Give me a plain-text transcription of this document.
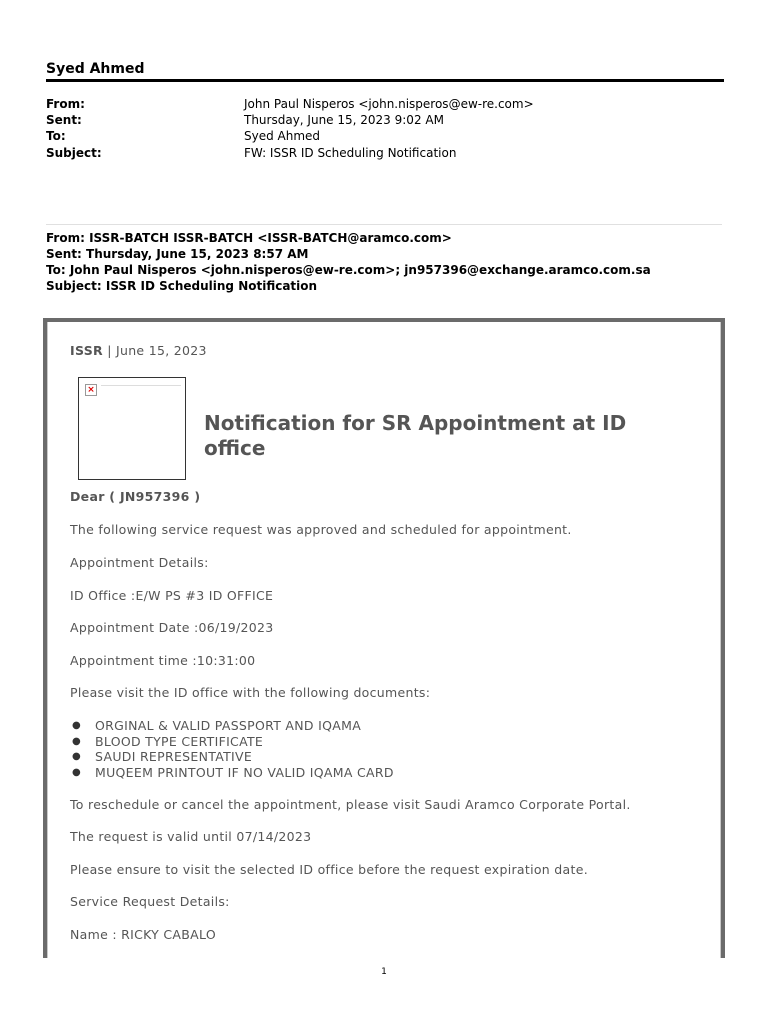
Syed Ahmed
From:	John Paul Nisperos <john.nisperos@ew-re.com>
Sent:	Thursday, June 15, 2023 9:02 AM
To:	Syed Ahmed
Subject:	FW: ISSR ID Scheduling Notification
From: ISSR-BATCH ISSR-BATCH <ISSR-BATCH@aramco.com>
Sent: Thursday, June 15, 2023 8:57 AM
To: John Paul Nisperos <john.nisperos@ew-re.com>; jn957396@exchange.aramco.com.sa
Subject: ISSR ID Scheduling Notification
ISSR | June 15, 2023
×
Notification for SR Appointment at ID office
Dear ( JN957396 )
The following service request was approved and scheduled for appointment.
Appointment Details:
ID Office :E/W PS #3 ID OFFICE
Appointment Date :06/19/2023
Appointment time :10:31:00
Please visit the ID office with the following documents:
● ORGINAL & VALID PASSPORT AND IQAMA
● BLOOD TYPE CERTIFICATE
● SAUDI REPRESENTATIVE
● MUQEEM PRINTOUT IF NO VALID IQAMA CARD
To reschedule or cancel the appointment, please visit Saudi Aramco Corporate Portal.
The request is valid until 07/14/2023
Please ensure to visit the selected ID office before the request expiration date.
Service Request Details:
Name : RICKY CABALO
1
